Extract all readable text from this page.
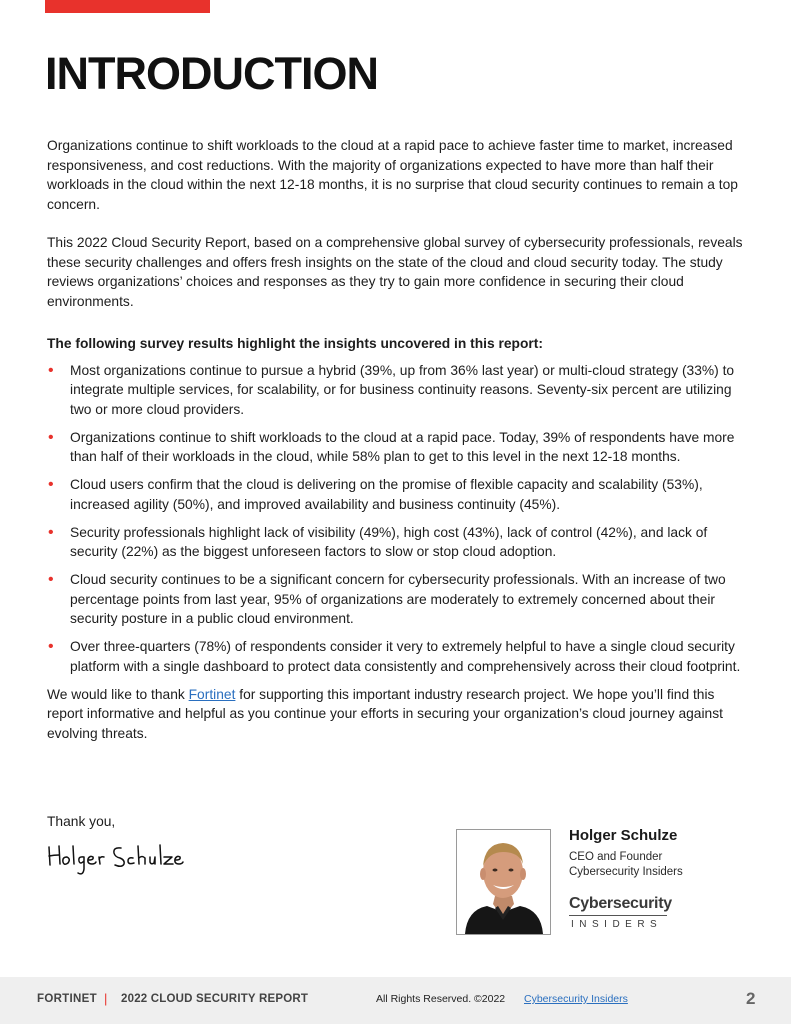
INTRODUCTION

Organizations continue to shift workloads to the cloud at a rapid pace to achieve faster time to market, increased responsiveness, and cost reductions. With the majority of organizations expected to have more than half their workloads in the cloud within the next 12-18 months, it is no surprise that cloud security continues to remain a top concern.

This 2022 Cloud Security Report, based on a comprehensive global survey of cybersecurity professionals, reveals these security challenges and offers fresh insights on the state of the cloud and cloud security today. The study reviews organizations’ choices and responses as they try to gain more confidence in securing their cloud environments.

The following survey results highlight the insights uncovered in this report:

• Most organizations continue to pursue a hybrid (39%, up from 36% last year) or multi-cloud strategy (33%) to integrate multiple services, for scalability, or for business continuity reasons. Seventy-six percent are utilizing two or more cloud providers.
• Organizations continue to shift workloads to the cloud at a rapid pace. Today, 39% of respondents have more than half of their workloads in the cloud, while 58% plan to get to this level in the next 12-18 months.
• Cloud users confirm that the cloud is delivering on the promise of flexible capacity and scalability (53%), increased agility (50%), and improved availability and business continuity (45%).
• Security professionals highlight lack of visibility (49%), high cost (43%), lack of control (42%), and lack of security (22%) as the biggest unforeseen factors to slow or stop cloud adoption.
• Cloud security continues to be a significant concern for cybersecurity professionals. With an increase of two percentage points from last year, 95% of organizations are moderately to extremely concerned about their security posture in a public cloud environment.
• Over three-quarters (78%) of respondents consider it very to extremely helpful to have a single cloud security platform with a single dashboard to protect data consistently and comprehensively across their cloud footprint.

We would like to thank Fortinet for supporting this important industry research project. We hope you’ll find this report informative and helpful as you continue your efforts in securing your organization’s cloud journey against evolving threats.

Thank you,
Holger Schulze
CEO and Founder
Cybersecurity Insiders
Cybersecurity
INSIDERS
FORTINET | 2022 CLOUD SECURITY REPORT	All Rights Reserved. ©2022 Cybersecurity Insiders	2
